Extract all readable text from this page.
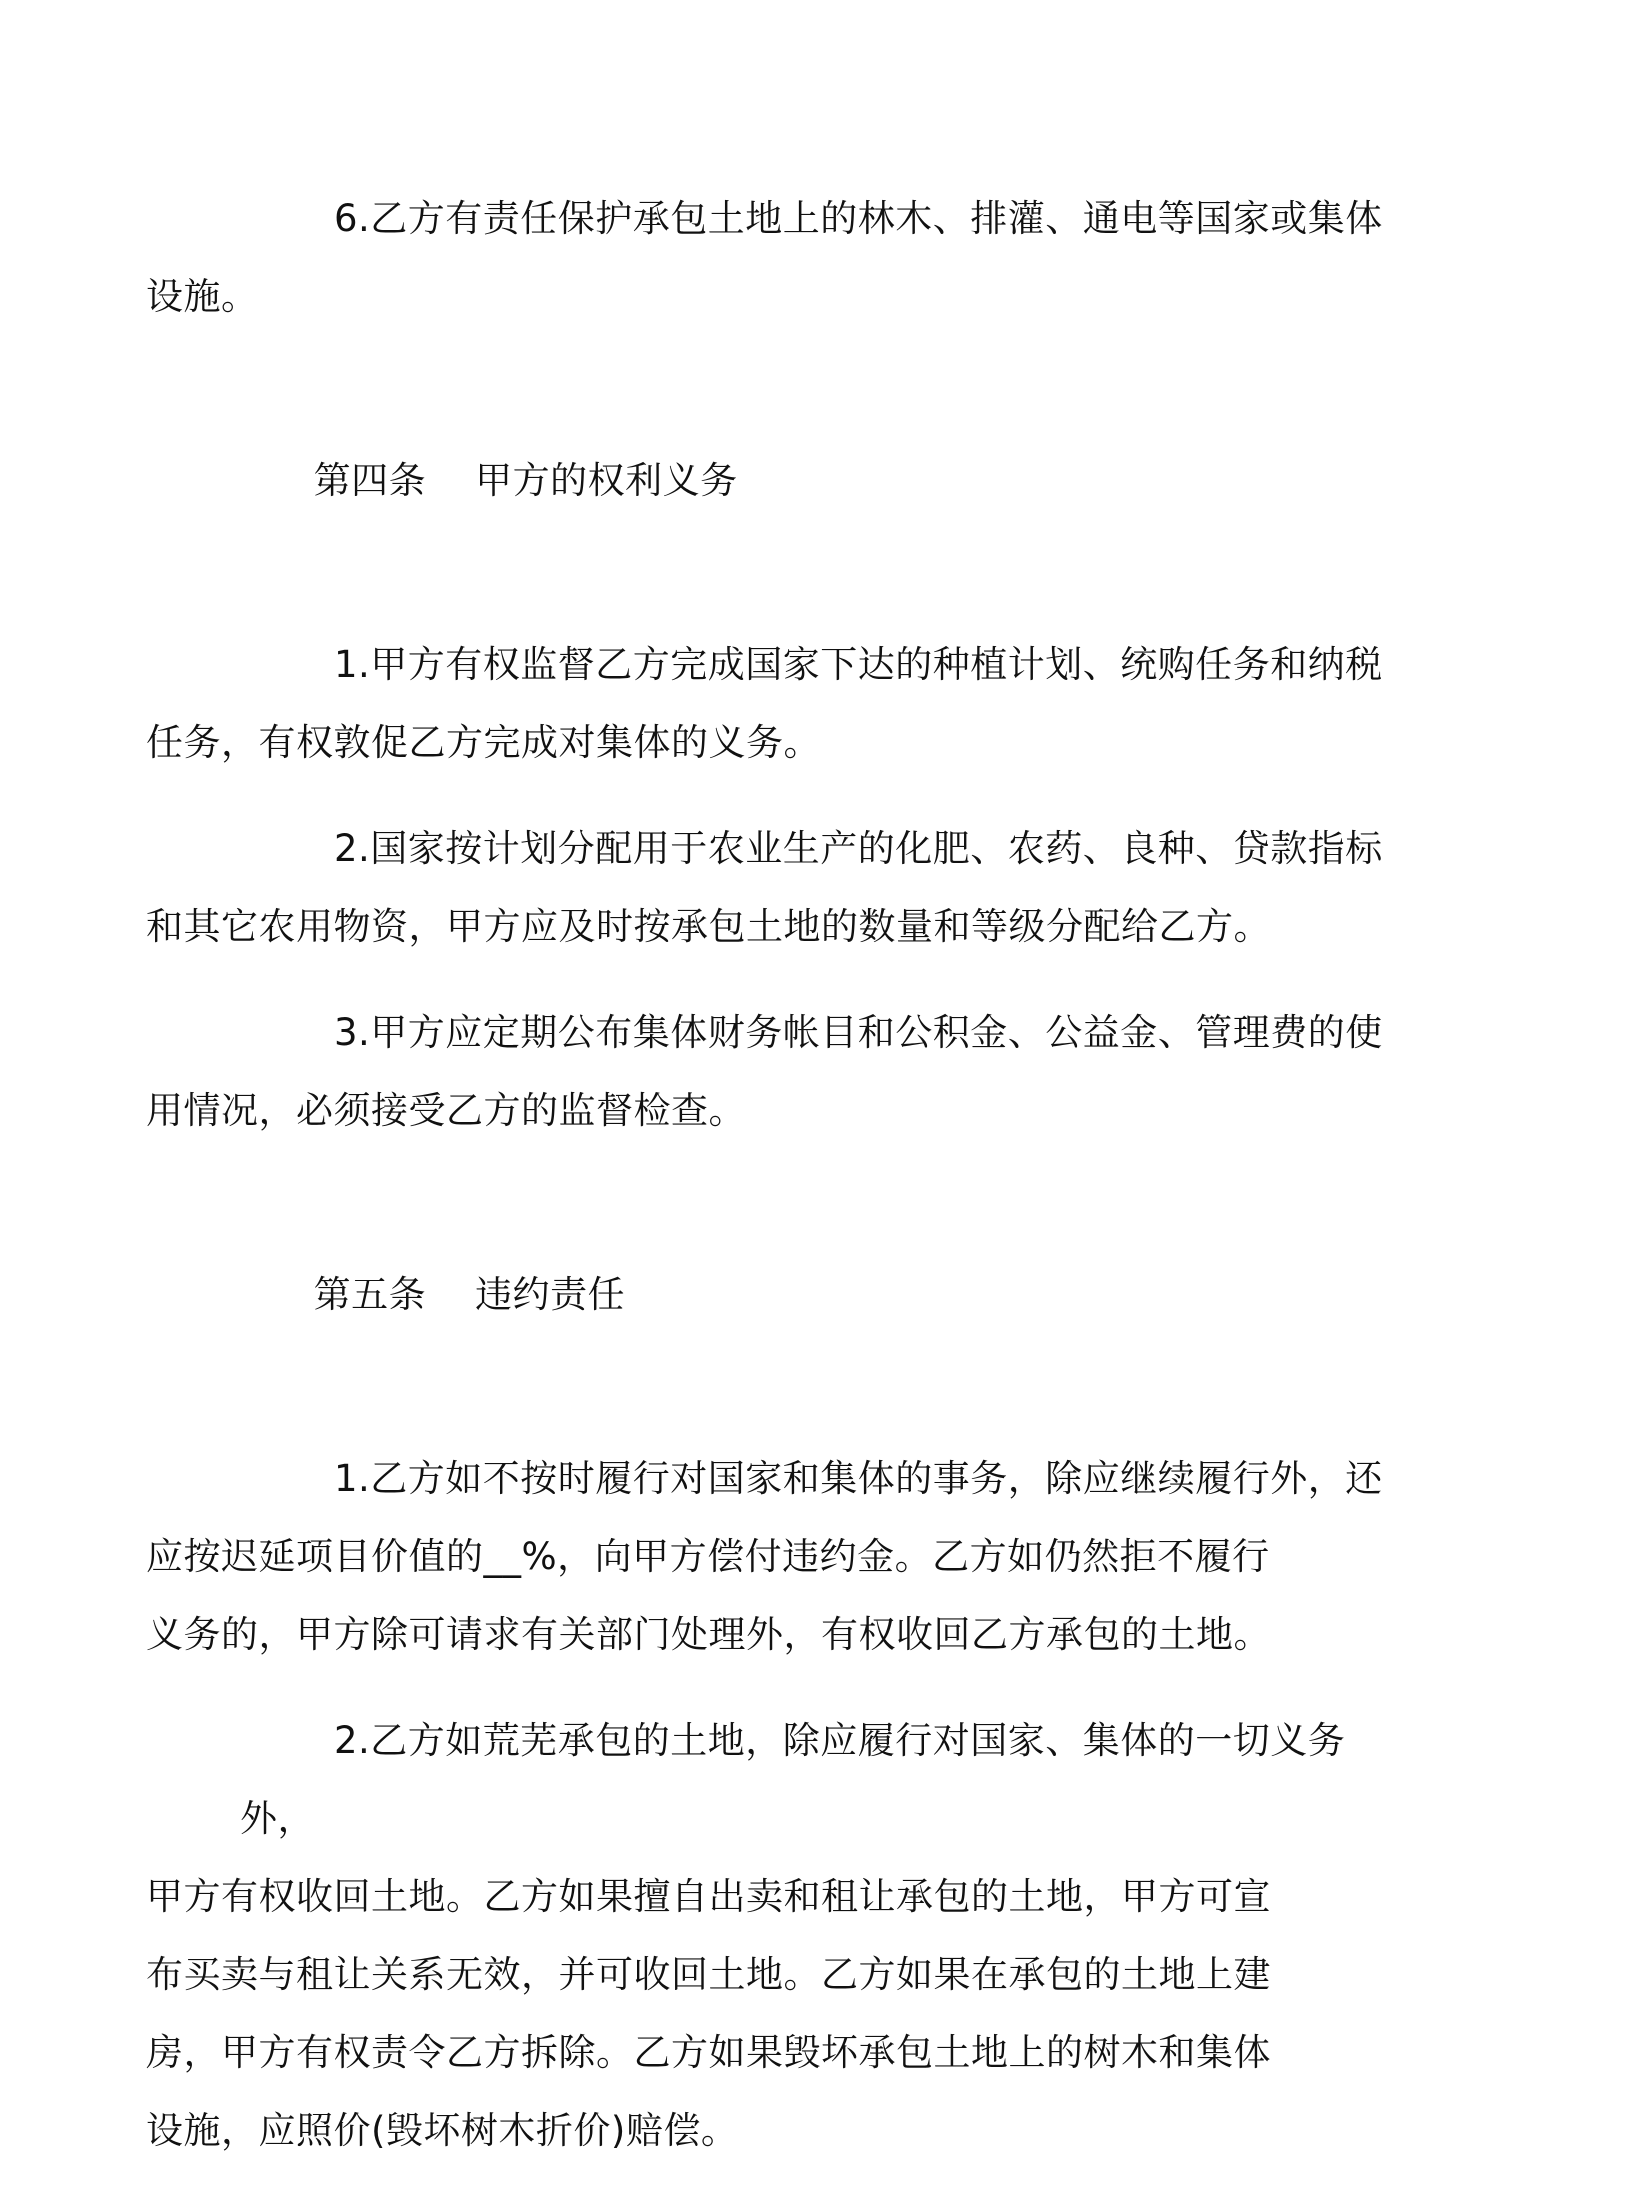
6.乙方有责任保护承包土地上的林木、排灌、通电等国家或集体
设施。

第四条    甲方的权利义务

1.甲方有权监督乙方完成国家下达的种植计划、统购任务和纳税
任务，有权敦促乙方完成对集体的义务。

2.国家按计划分配用于农业生产的化肥、农药、良种、贷款指标
和其它农用物资，甲方应及时按承包土地的数量和等级分配给乙方。

3.甲方应定期公布集体财务帐目和公积金、公益金、管理费的使
用情况，必须接受乙方的监督检查。

第五条    违约责任

1.乙方如不按时履行对国家和集体的事务，除应继续履行外，还
应按迟延项目价值的__%，向甲方偿付违约金。乙方如仍然拒不履行
义务的，甲方除可请求有关部门处理外，有权收回乙方承包的土地。

2.乙方如荒芜承包的土地，除应履行对国家、集体的一切义务外，
甲方有权收回土地。乙方如果擅自出卖和租让承包的土地，甲方可宣
布买卖与租让关系无效，并可收回土地。乙方如果在承包的土地上建
房，甲方有权责令乙方拆除。乙方如果毁坏承包土地上的树木和集体
设施，应照价(毁坏树木折价)赔偿。
